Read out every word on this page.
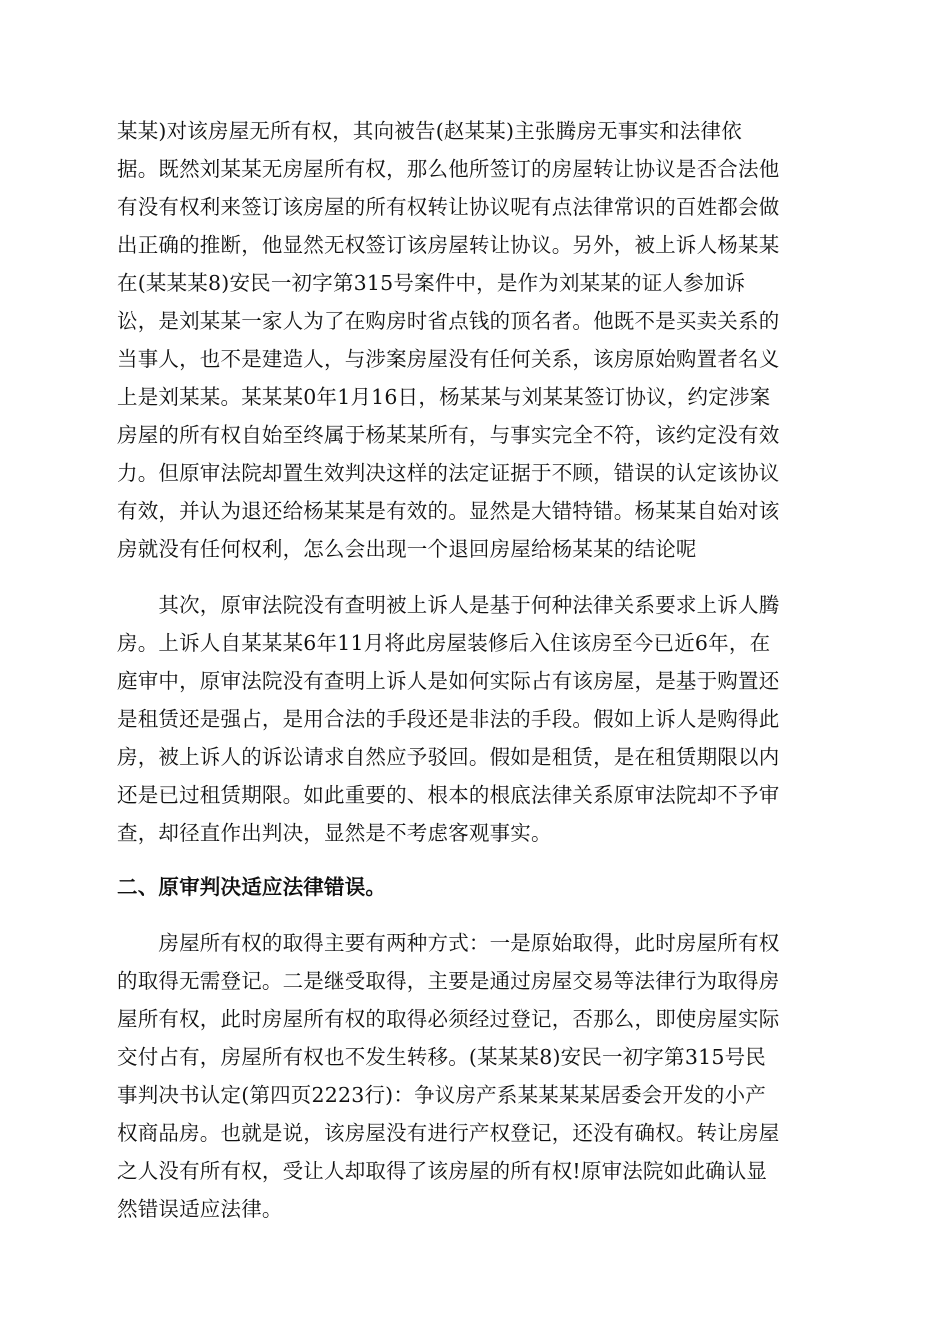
某某)对该房屋无所有权，其向被告(赵某某)主张腾房无事实和法律依
据。既然刘某某无房屋所有权，那么他所签订的房屋转让协议是否合法他
有没有权利来签订该房屋的所有权转让协议呢有点法律常识的百姓都会做
出正确的推断，他显然无权签订该房屋转让协议。另外，被上诉人杨某某
在(某某某8)安民一初字第315号案件中，是作为刘某某的证人参加诉
讼，是刘某某一家人为了在购房时省点钱的顶名者。他既不是买卖关系的
当事人，也不是建造人，与涉案房屋没有任何关系，该房原始购置者名义
上是刘某某。某某某0年1月16日，杨某某与刘某某签订协议，约定涉案
房屋的所有权自始至终属于杨某某所有，与事实完全不符，该约定没有效
力。但原审法院却置生效判决这样的法定证据于不顾，错误的认定该协议
有效，并认为退还给杨某某是有效的。显然是大错特错。杨某某自始对该
房就没有任何权利，怎么会出现一个退回房屋给杨某某的结论呢
　　其次，原审法院没有查明被上诉人是基于何种法律关系要求上诉人腾
房。上诉人自某某某6年11月将此房屋装修后入住该房至今已近6年，在
庭审中，原审法院没有查明上诉人是如何实际占有该房屋，是基于购置还
是租赁还是强占，是用合法的手段还是非法的手段。假如上诉人是购得此
房，被上诉人的诉讼请求自然应予驳回。假如是租赁，是在租赁期限以内
还是已过租赁期限。如此重要的、根本的根底法律关系原审法院却不予审
查，却径直作出判决，显然是不考虑客观事实。
二、原审判决适应法律错误。
　　房屋所有权的取得主要有两种方式：一是原始取得，此时房屋所有权
的取得无需登记。二是继受取得，主要是通过房屋交易等法律行为取得房
屋所有权，此时房屋所有权的取得必须经过登记，否那么，即使房屋实际
交付占有，房屋所有权也不发生转移。(某某某8)安民一初字第315号民
事判决书认定(第四页2223行)：争议房产系某某某某居委会开发的小产
权商品房。也就是说，该房屋没有进行产权登记，还没有确权。转让房屋
之人没有所有权，受让人却取得了该房屋的所有权!原审法院如此确认显
然错误适应法律。
